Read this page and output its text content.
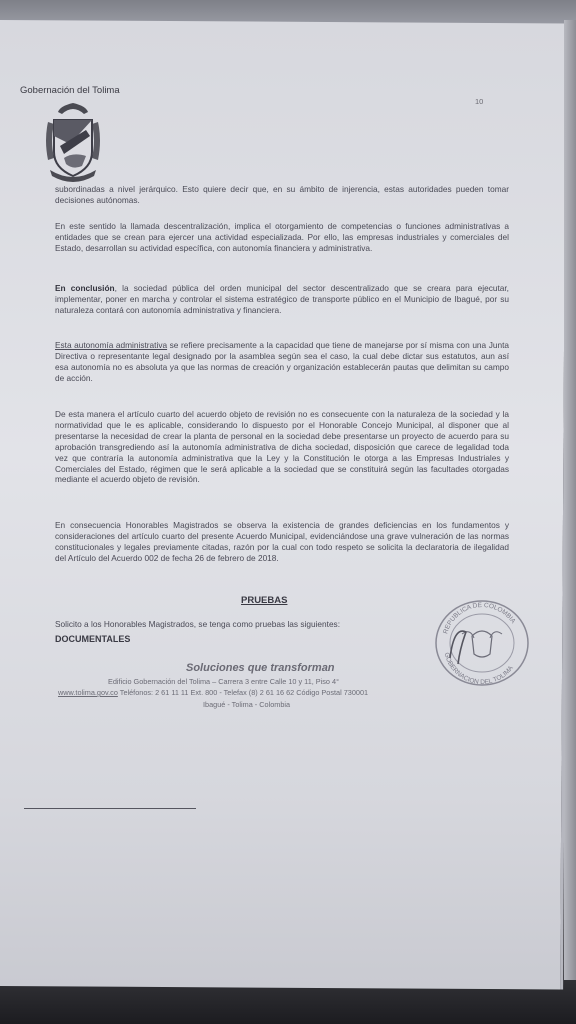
Gobernación del Tolima
10

subordinadas a nivel jerárquico. Esto quiere decir que, en su ámbito de injerencia, estas autoridades pueden tomar decisiones autónomas.

En este sentido la llamada descentralización, implica el otorgamiento de competencias o funciones administrativas a entidades que se crean para ejercer una actividad especializada. Por ello, las empresas industriales y comerciales del Estado, desarrollan su actividad específica, con autonomía financiera y administrativa.

En conclusión, la sociedad pública del orden municipal del sector descentralizado que se creara para ejecutar, implementar, poner en marcha y controlar el sistema estratégico de transporte público en el Municipio de Ibagué, por su naturaleza contará con autonomía administrativa y financiera.

Esta autonomía administrativa se refiere precisamente a la capacidad que tiene de manejarse por sí misma con una Junta Directiva o representante legal designado por la asamblea según sea el caso, la cual debe dictar sus estatutos, aun así esa autonomía no es absoluta ya que las normas de creación y organización establecerán pautas que delimitan su campo de acción.

De esta manera el artículo cuarto del acuerdo objeto de revisión no es consecuente con la naturaleza de la sociedad y la normatividad que le es aplicable, considerando lo dispuesto por el Honorable Concejo Municipal, al disponer que al presentarse la necesidad de crear la planta de personal en la sociedad debe presentarse un proyecto de acuerdo para su aprobación transgrediendo así la autonomía administrativa de dicha sociedad, disposición que carece de legalidad toda vez que contraría la autonomía administrativa que la Ley y la Constitución le otorga a las Empresas Industriales y Comerciales del Estado, régimen que le será aplicable a la sociedad que se constituirá según las facultades otorgadas mediante el acuerdo objeto de revisión.

En consecuencia Honorables Magistrados se observa la existencia de grandes deficiencias en los fundamentos y consideraciones del artículo cuarto del presente Acuerdo Municipal, evidenciándose una grave vulneración de las normas constitucionales y legales previamente citadas, razón por la cual con todo respeto se solicita la declaratoria de ilegalidad del Artículo del Acuerdo 002 de fecha 26 de febrero de 2018.

PRUEBAS

Solicito a los Honorables Magistrados, se tenga como pruebas las siguientes:

DOCUMENTALES
REPUBLICA DE COLOMBIA
GOBERNACION DEL TOLIMA
Soluciones que transforman
Edificio Gobernación del Tolima – Carrera 3 entre Calle 10 y 11, Piso 4°
www.tolima.gov.co Teléfonos: 2 61 11 11 Ext. 800 - Telefax (8) 2 61 16 62 Código Postal 730001
Ibagué - Tolima - Colombia
